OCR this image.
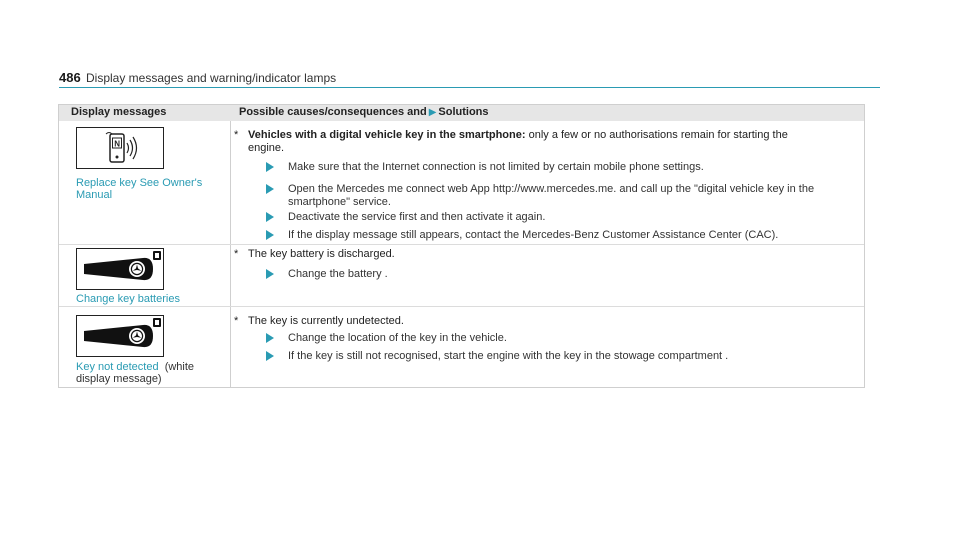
486 Display messages and warning/indicator lamps
Display messages	Possible causes/consequences and ▶ Solutions
N
Replace key See Owner's
Manual
* Vehicles with a digital vehicle key in the smartphone: only a few or no authorisations remain for starting the
engine.
Make sure that the Internet connection is not limited by certain mobile phone settings.
Open the Mercedes me connect web App http://www.mercedes.me. and call up the "digital vehicle key in the
smartphone" service.
Deactivate the service first and then activate it again.
If the display message still appears, contact the Mercedes-Benz Customer Assistance Center (CAC).
Change key batteries
* The key battery is discharged.
Change the battery .
Key not detected (white
display message)
* The key is currently undetected.
Change the location of the key in the vehicle.
If the key is still not recognised, start the engine with the key in the stowage compartment .
